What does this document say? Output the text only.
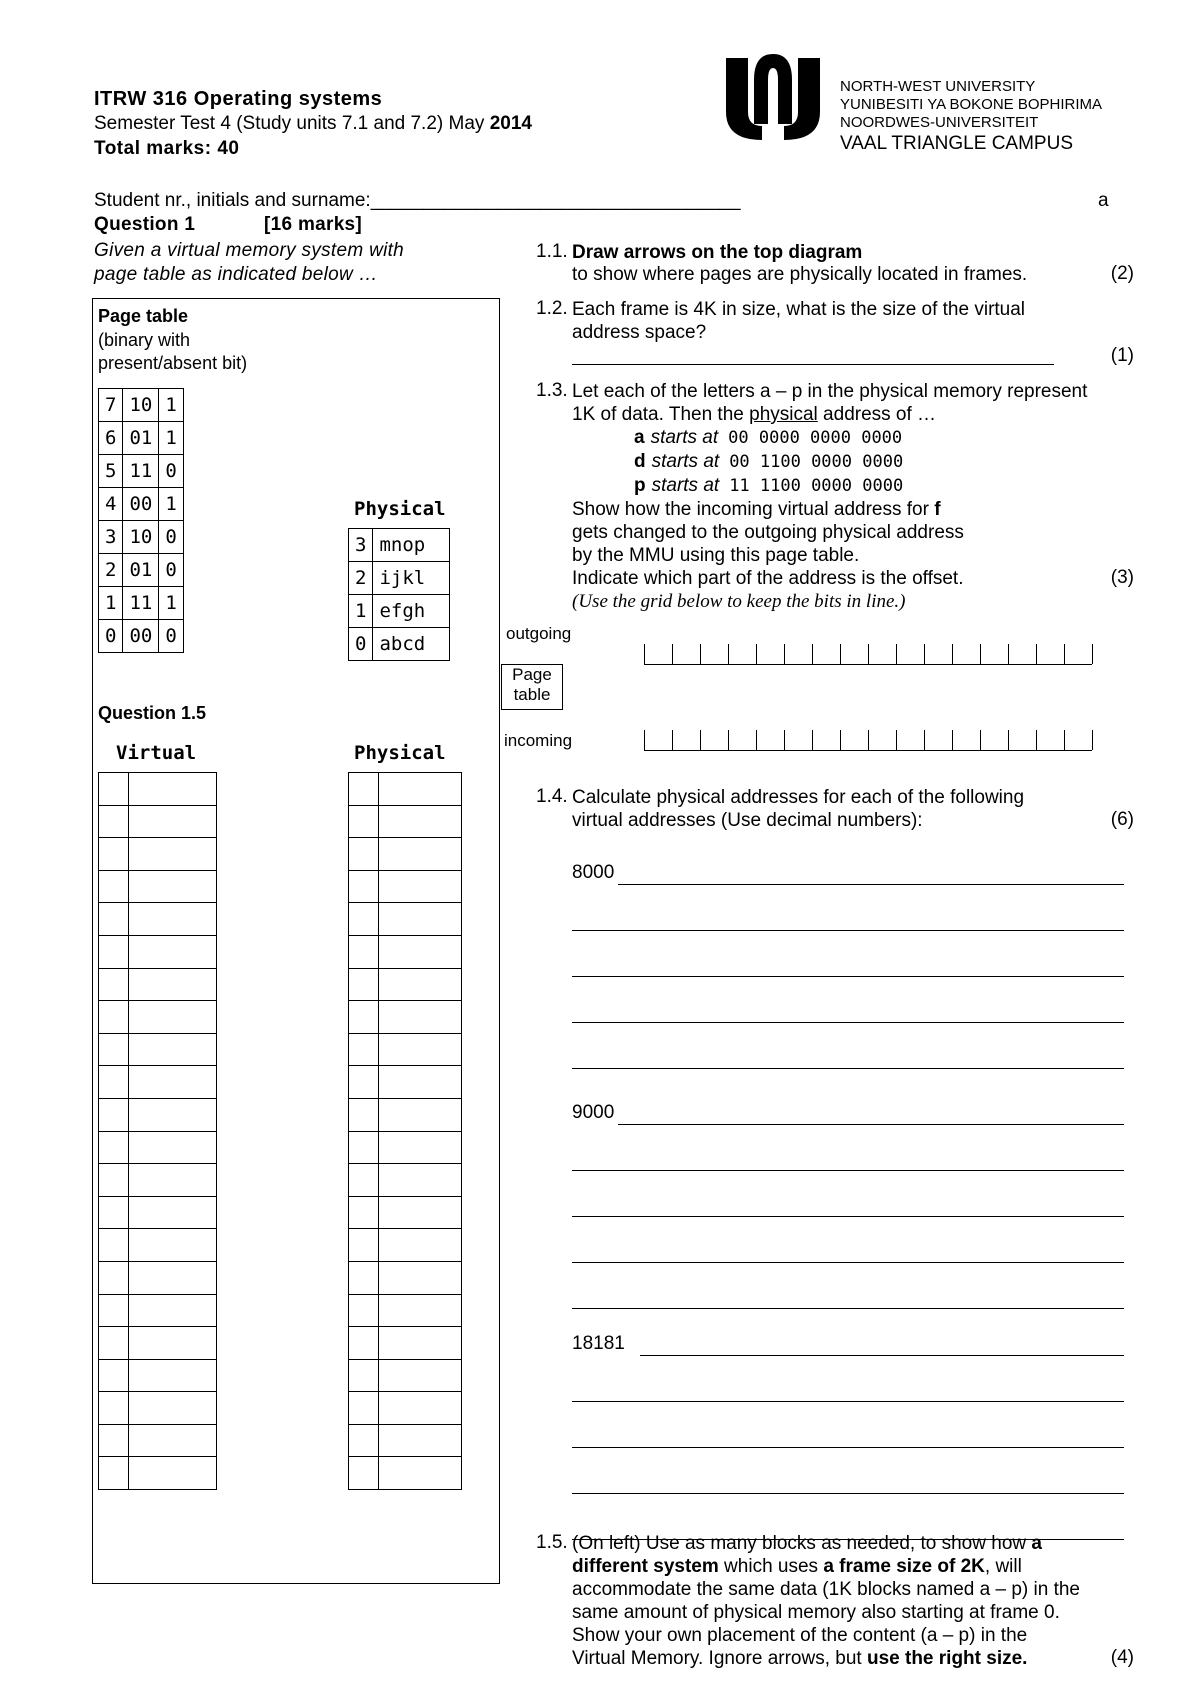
ITRW 316 Operating systems
Semester Test 4 (Study units 7.1 and 7.2) May 2014
Total marks: 40
NORTH-WEST UNIVERSITY
YUNIBESITI YA BOKONE BOPHIRIMA
NOORDWES-UNIVERSITEIT
VAAL TRIANGLE CAMPUS
Student nr., initials and surname:___________________________________	a
Question 1	[16 marks]
Given a virtual memory system with
page table as indicated below …
Page table
(binary with
present/absent bit)
7	10	1
6	01	1
5	11	0
4	00	1
3	10	0
2	01	0
1	11	1
0	00	0
Physical
3	mnop
2	ijkl
1	efgh
0	abcd
Question 1.5
Virtual	Physical

1.1. Draw arrows on the top diagram
to show where pages are physically located in frames.	(2)
1.2. Each frame is 4K in size, what is the size of the virtual
address space?
(1)
1.3. Let each of the letters a – p in the physical memory represent
1K of data. Then the physical address of …
a starts at 00 0000 0000 0000
d starts at 00 1100 0000 0000
p starts at 11 1100 0000 0000
Show how the incoming virtual address for f
gets changed to the outgoing physical address
by the MMU using this page table.
Indicate which part of the address is the offset.	(3)
(Use the grid below to keep the bits in line.)
outgoing
Page
table
incoming
1.4. Calculate physical addresses for each of the following
virtual addresses (Use decimal numbers):	(6)
8000
9000
18181
1.5. (On left) Use as many blocks as needed, to show how a
different system which uses a frame size of 2K, will
accommodate the same data (1K blocks named a – p) in the
same amount of physical memory also starting at frame 0.
Show your own placement of the content (a – p) in the
Virtual Memory. Ignore arrows, but use the right size.	(4)
